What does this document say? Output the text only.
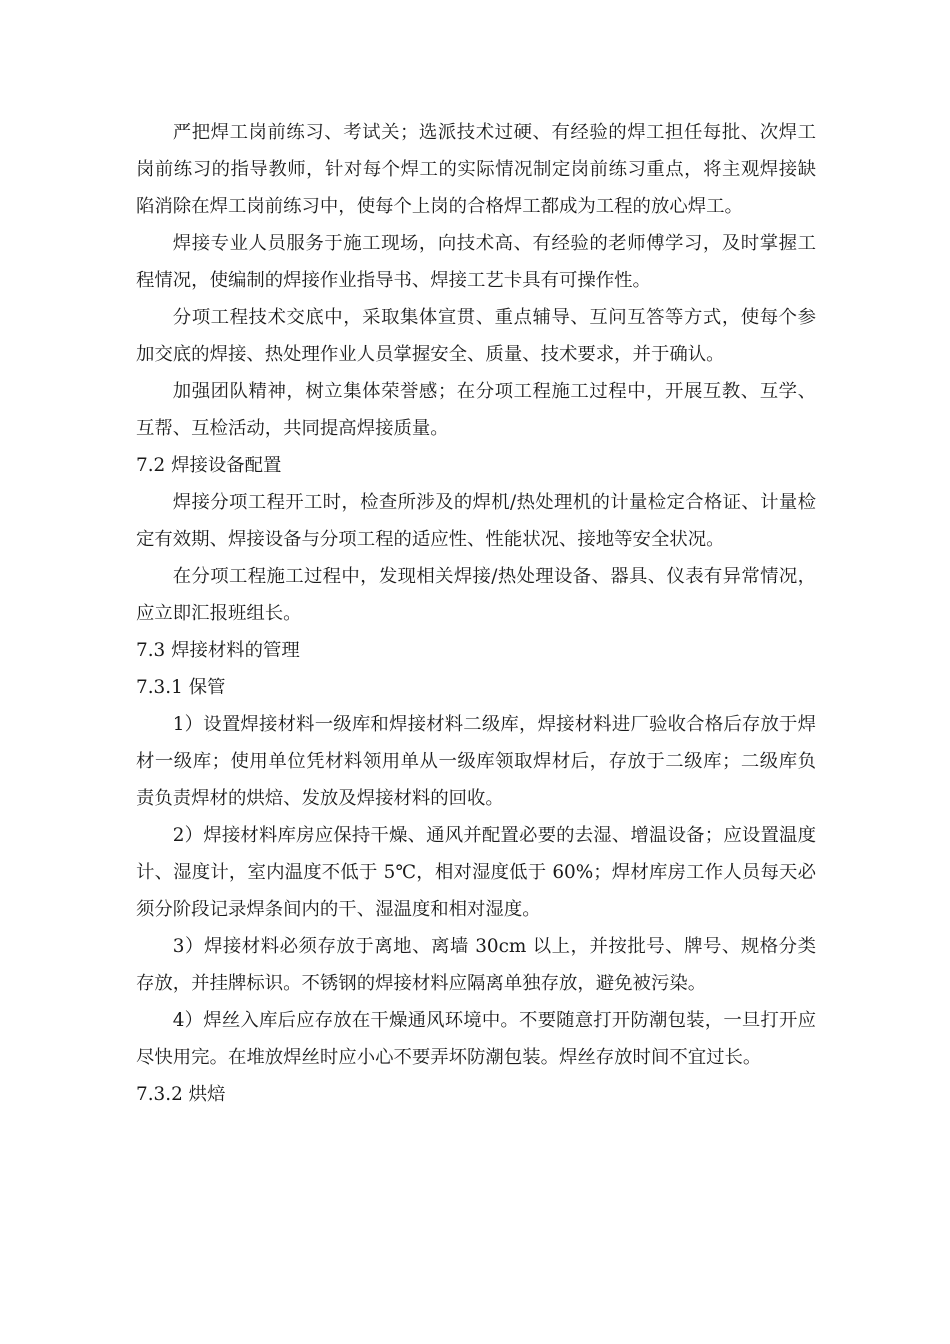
严把焊工岗前练习、考试关；选派技术过硬、有经验的焊工担任每批、次焊工岗前练习的指导教师，针对每个焊工的实际情况制定岗前练习重点，将主观焊接缺陷消除在焊工岗前练习中，使每个上岗的合格焊工都成为工程的放心焊工。

焊接专业人员服务于施工现场，向技术高、有经验的老师傅学习，及时掌握工程情况，使编制的焊接作业指导书、焊接工艺卡具有可操作性。

分项工程技术交底中，采取集体宣贯、重点辅导、互问互答等方式，使每个参加交底的焊接、热处理作业人员掌握安全、质量、技术要求，并于确认。

加强团队精神，树立集体荣誉感；在分项工程施工过程中，开展互教、互学、互帮、互检活动，共同提高焊接质量。

7.2 焊接设备配置

焊接分项工程开工时，检查所涉及的焊机/热处理机的计量检定合格证、计量检定有效期、焊接设备与分项工程的适应性、性能状况、接地等安全状况。

在分项工程施工过程中，发现相关焊接/热处理设备、器具、仪表有异常情况，应立即汇报班组长。

7.3 焊接材料的管理

7.3.1 保管

1）设置焊接材料一级库和焊接材料二级库，焊接材料进厂验收合格后存放于焊材一级库；使用单位凭材料领用单从一级库领取焊材后，存放于二级库；二级库负责负责焊材的烘焙、发放及焊接材料的回收。

2）焊接材料库房应保持干燥、通风并配置必要的去湿、增温设备；应设置温度计、湿度计，室内温度不低于 5℃，相对湿度低于 60%；焊材库房工作人员每天必须分阶段记录焊条间内的干、湿温度和相对湿度。

3）焊接材料必须存放于离地、离墙 30cm 以上，并按批号、牌号、规格分类存放，并挂牌标识。不锈钢的焊接材料应隔离单独存放，避免被污染。

4）焊丝入库后应存放在干燥通风环境中。不要随意打开防潮包装，一旦打开应尽快用完。在堆放焊丝时应小心不要弄坏防潮包装。焊丝存放时间不宜过长。

7.3.2 烘焙
